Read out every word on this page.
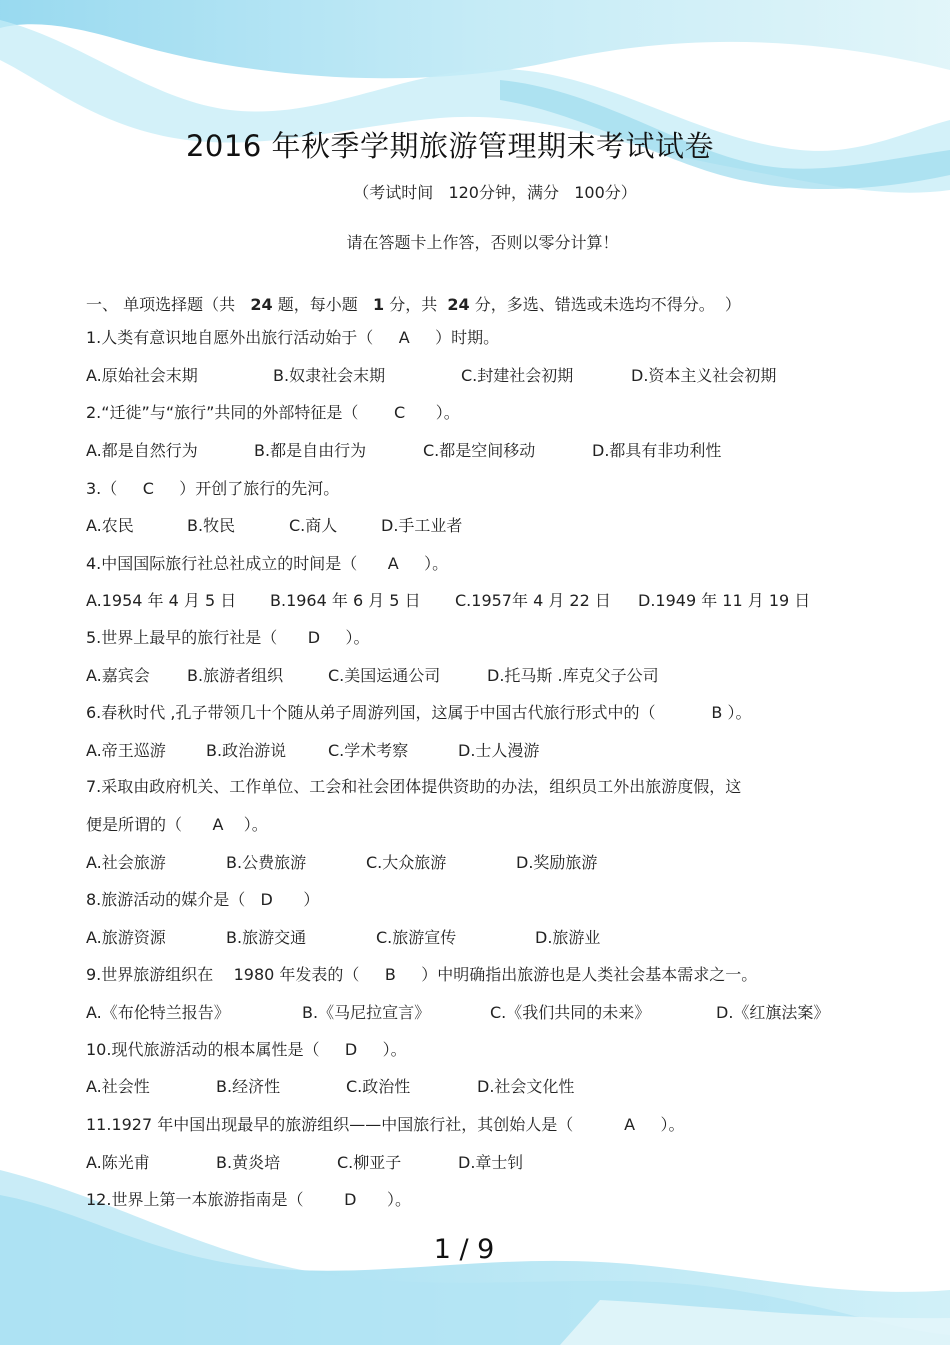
2016 年秋季学期旅游管理期末考试试卷
（考试时间   120分钟，满分   100分）
请在答题卡上作答，否则以零分计算！
一、 单项选择题（共   24 题，每小题   1 分，共  24 分，多选、错选或未选均不得分。  ）
1.人类有意识地自愿外出旅行活动始于（     A     ）时期。
A.原始社会末期	B.奴隶社会末期	C.封建社会初期	D.资本主义社会初期
2.“迁徙”与“旅行”共同的外部特征是（       C      ）。
A.都是自然行为	B.都是自由行为	C.都是空间移动	D.都具有非功利性
3.（     C     ）开创了旅行的先河。
A.农民	B.牧民	C.商人	D.手工业者
4.中国国际旅行社总社成立的时间是（      A     ）。
A.1954 年 4 月 5 日 B.1964 年 6 月 5 日 C.1957年 4 月 22 日 D.1949 年 11 月 19 日
5.世界上最早的旅行社是（      D     ）。
A.嘉宾会 B.旅游者组织	C.美国运通公司	D.托马斯 .库克父子公司
6.春秋时代 ,孔子带领几十个随从弟子周游列国，这属于中国古代旅行形式中的（           B ）。
A.帝王巡游	B.政治游说	C.学术考察	D.士人漫游
7.采取由政府机关、工作单位、工会和社会团体提供资助的办法，组织员工外出旅游度假，这
便是所谓的（      A    ）。
A.社会旅游	B.公费旅游	C.大众旅游	D.奖励旅游
8.旅游活动的媒介是（   D      ）
A.旅游资源	B.旅游交通	C.旅游宣传	D.旅游业
9.世界旅游组织在    1980 年发表的（     B     ）中明确指出旅游也是人类社会基本需求之一。
A.《布伦特兰报告》	B.《马尼拉宣言》	C.《我们共同的未来》	D.《红旗法案》
10.现代旅游活动的根本属性是（     D     ）。
A.社会性	B.经济性	C.政治性	D.社会文化性
11.1927 年中国出现最早的旅游组织——中国旅行社，其创始人是（          A     ）。
A.陈光甫	B.黄炎培	C.柳亚子	D.章士钊
12.世界上第一本旅游指南是（        D      ）。
1 / 9
